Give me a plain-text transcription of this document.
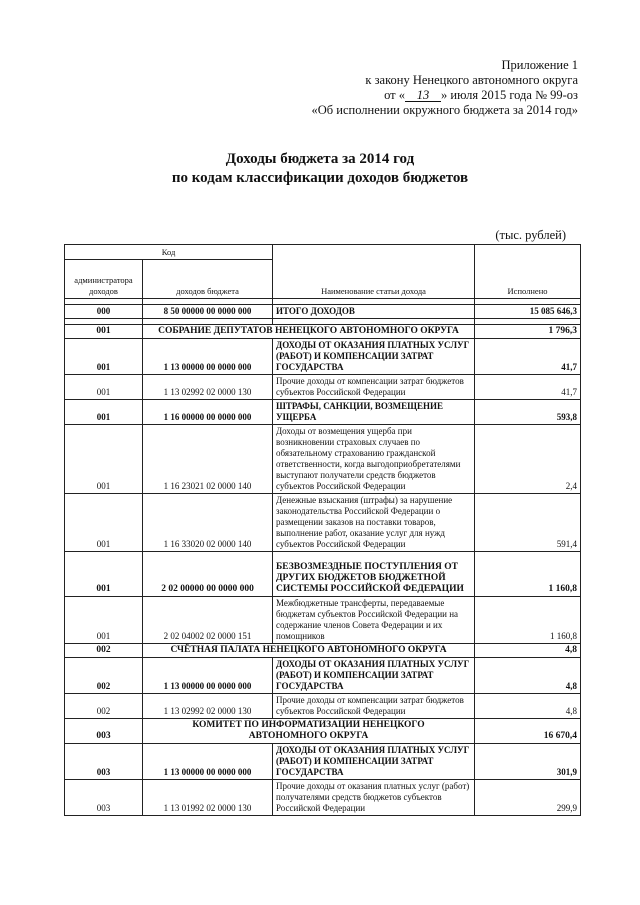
Приложение 1
к закону Ненецкого автономного округа
от « 13 » июля 2015 года № 99-оз
«Об исполнении окружного бюджета за 2014 год»
Доходы бюджета за 2014 год
по кодам классификации доходов бюджетов
(тыс. рублей)
Код		Наименование статьи дохода	Исполнено
администратора доходов	доходов бюджета		

000	8 50 00000 00 0000 000	ИТОГО ДОХОДОВ	15 085 646,3

001	СОБРАНИЕ ДЕПУТАТОВ НЕНЕЦКОГО АВТОНОМНОГО ОКРУГА		1 796,3
001	1 13 00000 00 0000 000	ДОХОДЫ ОТ ОКАЗАНИЯ ПЛАТНЫХ УСЛУГ (РАБОТ) И КОМПЕНСАЦИИ ЗАТРАТ ГОСУДАРСТВА	41,7
001	1 13 02992 02 0000 130	Прочие доходы от компенсации затрат бюджетов субъектов Российской Федерации	41,7
001	1 16 00000 00 0000 000	ШТРАФЫ, САНКЦИИ, ВОЗМЕЩЕНИЕ УЩЕРБА	593,8
001	1 16 23021 02 0000 140	Доходы от возмещения ущерба при возникновении страховых случаев по обязательному страхованию гражданской ответственности, когда выгодоприобретателями выступают получатели средств бюджетов субъектов Российской Федерации	2,4
001	1 16 33020 02 0000 140	Денежные взыскания (штрафы) за нарушение законодательства Российской Федерации о размещении заказов на поставки товаров, выполнение работ, оказание услуг для нужд субъектов Российской Федерации	591,4
001	2 02 00000 00 0000 000	БЕЗВОЗМЕЗДНЫЕ ПОСТУПЛЕНИЯ ОТ ДРУГИХ БЮДЖЕТОВ БЮДЖЕТНОЙ СИСТЕМЫ РОССИЙСКОЙ ФЕДЕРАЦИИ	1 160,8
001	2 02 04002 02 0000 151	Межбюджетные трансферты, передаваемые бюджетам субъектов Российской Федерации на содержание членов Совета Федерации и их помощников	1 160,8
002	СЧЁТНАЯ ПАЛАТА НЕНЕЦКОГО АВТОНОМНОГО ОКРУГА		4,8
002	1 13 00000 00 0000 000	ДОХОДЫ ОТ ОКАЗАНИЯ ПЛАТНЫХ УСЛУГ (РАБОТ) И КОМПЕНСАЦИИ ЗАТРАТ ГОСУДАРСТВА	4,8
002	1 13 02992 02 0000 130	Прочие доходы от компенсации затрат бюджетов субъектов Российской Федерации	4,8
003	КОМИТЕТ ПО ИНФОРМАТИЗАЦИИ НЕНЕЦКОГО АВТОНОМНОГО ОКРУГА		16 670,4
003	1 13 00000 00 0000 000	ДОХОДЫ ОТ ОКАЗАНИЯ ПЛАТНЫХ УСЛУГ (РАБОТ) И КОМПЕНСАЦИИ ЗАТРАТ ГОСУДАРСТВА	301,9
003	1 13 01992 02 0000 130	Прочие доходы от оказания платных услуг (работ) получателями средств бюджетов субъектов Российской Федерации	299,9
